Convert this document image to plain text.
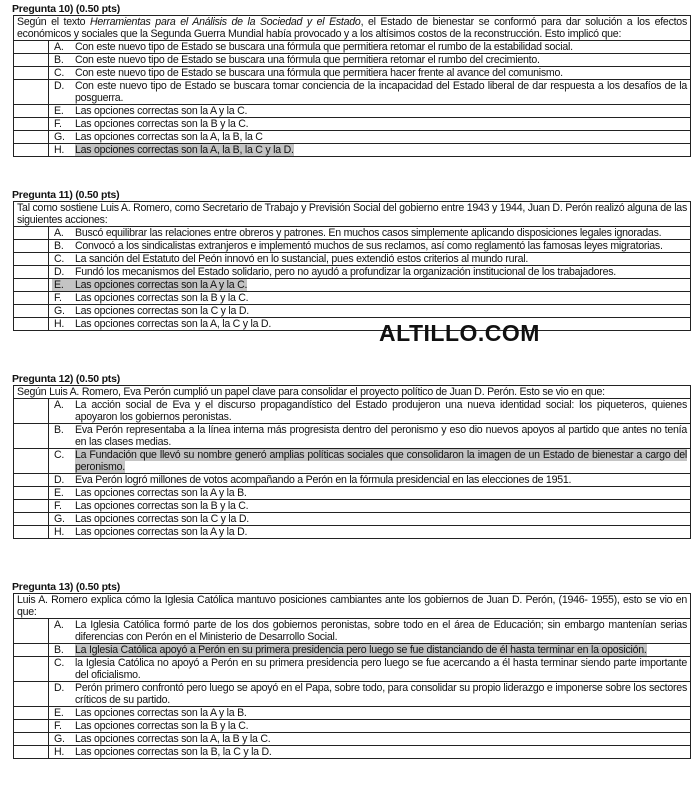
Pregunta 10) (0.50 pts)
Según el texto Herramientas para el Análisis de la Sociedad y el Estado, el Estado de bienestar se conformó para dar solución a los efectos económicos y sociales que la Segunda Guerra Mundial había provocado y a los altísimos costos de la reconstrucción. Esto implicó que:	

	A. Con este nuevo tipo de Estado se buscara una fórmula que permitiera retomar el rumbo de la estabilidad social.

	B. Con este nuevo tipo de Estado se buscara una fórmula que permitiera retomar el rumbo del crecimiento.

	C. Con este nuevo tipo de Estado se buscara una fórmula que permitiera hacer frente al avance del comunismo.

	D. Con este nuevo tipo de Estado se buscara tomar conciencia de la incapacidad del Estado liberal de dar respuesta a los desafíos de la posguerra.

	E. Las opciones correctas son la A y la C.

	F. Las opciones correctas son la B y la C.

	G. Las opciones correctas son la A, la B, la C

	H. Las opciones correctas son la A, la B, la C y la D.
Pregunta 11) (0.50 pts)
Tal como sostiene Luis A. Romero, como Secretario de Trabajo y Previsión Social del gobierno entre 1943 y 1944, Juan D. Perón realizó alguna de las siguientes acciones:	

	A. Buscó equilibrar las relaciones entre obreros y patrones. En muchos casos simplemente aplicando disposiciones legales ignoradas.

	B. Convocó a los sindicalistas extranjeros e implementó muchos de sus reclamos, así como reglamentó las famosas leyes migratorias.

	C. La sanción del Estatuto del Peón innovó en lo sustancial, pues extendió estos criterios al mundo rural.

	D. Fundó los mecanismos del Estado solidario, pero no ayudó a profundizar la organización institucional de los trabajadores.

	E. Las opciones correctas son la A y la C.

	F. Las opciones correctas son la B y la C.

	G. Las opciones correctas son la C y la D.

	H. Las opciones correctas son la A, la C y la D.
Pregunta 12) (0.50 pts)
Según Luis A. Romero, Eva Perón cumplió un papel clave para consolidar el proyecto político de Juan D. Perón. Esto se vio en que:	

	A. La acción social de Eva y el discurso propagandístico del Estado produjeron una nueva identidad social: los piqueteros, quienes apoyaron los gobiernos peronistas.

	B. Eva Perón representaba a la línea interna más progresista dentro del peronismo y eso dio nuevos apoyos al partido que antes no tenía en las clases medias.

	C. La Fundación que llevó su nombre generó amplias políticas sociales que consolidaron la imagen de un Estado de bienestar a cargo del peronismo.

	D. Eva Perón logró millones de votos acompañando a Perón en la fórmula presidencial en las elecciones de 1951.

	E. Las opciones correctas son la A y la B.

	F. Las opciones correctas son la B y la C.

	G. Las opciones correctas son la C y la D.

	H. Las opciones correctas son la A y la D.
Pregunta 13) (0.50 pts)
Luis A. Romero explica cómo la Iglesia Católica mantuvo posiciones cambiantes ante los gobiernos de Juan D. Perón, (1946- 1955), esto se vio en que:	

	A. La Iglesia Católica formó parte de los dos gobiernos peronistas, sobre todo en el área de Educación; sin embargo mantenían serias diferencias con Perón en el Ministerio de Desarrollo Social.

	B. La Iglesia Católica apoyó a Perón en su primera presidencia pero luego se fue distanciando de él hasta terminar en la oposición.

	C. la Iglesia Católica no apoyó a Perón en su primera presidencia pero luego se fue acercando a él hasta terminar siendo parte importante del oficialismo.

	D. Perón primero confrontó pero luego se apoyó en el Papa, sobre todo, para consolidar su propio liderazgo e imponerse sobre los sectores críticos de su partido.

	E. Las opciones correctas son la A y la B.

	F. Las opciones correctas son la B y la C.

	G. Las opciones correctas son la A, la B y la C.

	H. Las opciones correctas son la B, la C y la D.
ALTILLO.COM
